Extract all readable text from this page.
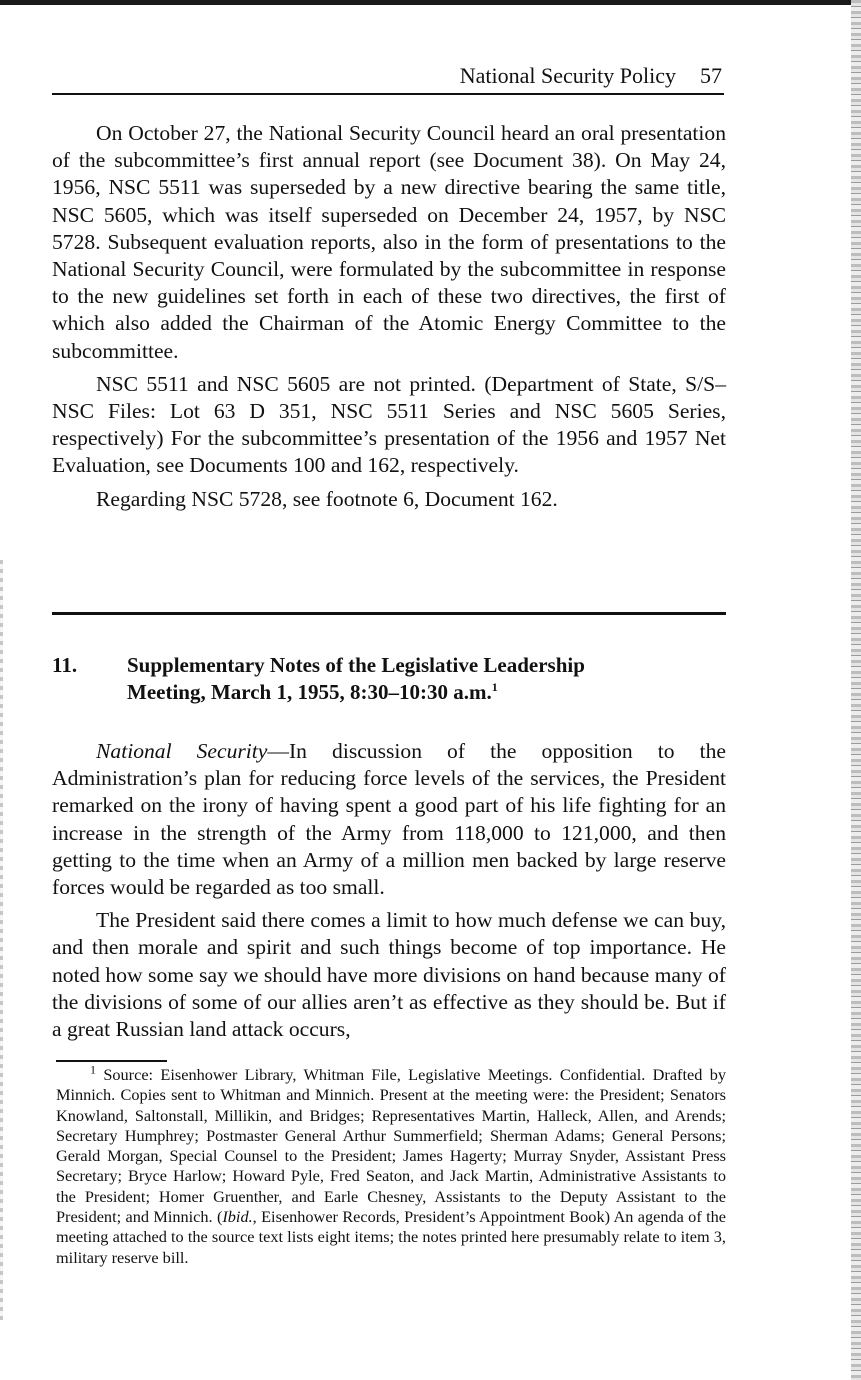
National Security Policy 57

On October 27, the National Security Council heard an oral presentation of the subcommittee’s first annual report (see Document 38). On May 24, 1956, NSC 5511 was superseded by a new directive bearing the same title, NSC 5605, which was itself superseded on December 24, 1957, by NSC 5728. Subsequent evaluation reports, also in the form of presentations to the National Security Council, were formulated by the subcommittee in response to the new guidelines set forth in each of these two directives, the first of which also added the Chairman of the Atomic Energy Committee to the subcommittee.

NSC 5511 and NSC 5605 are not printed. (Department of State, S/S–NSC Files: Lot 63 D 351, NSC 5511 Series and NSC 5605 Series, respectively) For the subcommittee’s presentation of the 1956 and 1957 Net Evaluation, see Documents 100 and 162, respectively.

Regarding NSC 5728, see footnote 6, Document 162.

11. Supplementary Notes of the Legislative Leadership
Meeting, March 1, 1955, 8:30–10:30 a.m.$^1$

National Security—In discussion of the opposition to the Administration’s plan for reducing force levels of the services, the President remarked on the irony of having spent a good part of his life fighting for an increase in the strength of the Army from 118,000 to 121,000, and then getting to the time when an Army of a million men backed by large reserve forces would be regarded as too small.

The President said there comes a limit to how much defense we can buy, and then morale and spirit and such things become of top importance. He noted how some say we should have more divisions on hand because many of the divisions of some of our allies aren’t as effective as they should be. But if a great Russian land attack occurs,

$^1$ Source: Eisenhower Library, Whitman File, Legislative Meetings. Confidential. Drafted by Minnich. Copies sent to Whitman and Minnich. Present at the meeting were: the President; Senators Knowland, Saltonstall, Millikin, and Bridges; Representatives Martin, Halleck, Allen, and Arends; Secretary Humphrey; Postmaster General Arthur Summerfield; Sherman Adams; General Persons; Gerald Morgan, Special Counsel to the President; James Hagerty; Murray Snyder, Assistant Press Secretary; Bryce Harlow; Howard Pyle, Fred Seaton, and Jack Martin, Administrative Assistants to the President; Homer Gruenther, and Earle Chesney, Assistants to the Deputy Assistant to the President; and Minnich. (Ibid., Eisenhower Records, President’s Appointment Book) An agenda of the meeting attached to the source text lists eight items; the notes printed here presumably relate to item 3, military reserve bill.
